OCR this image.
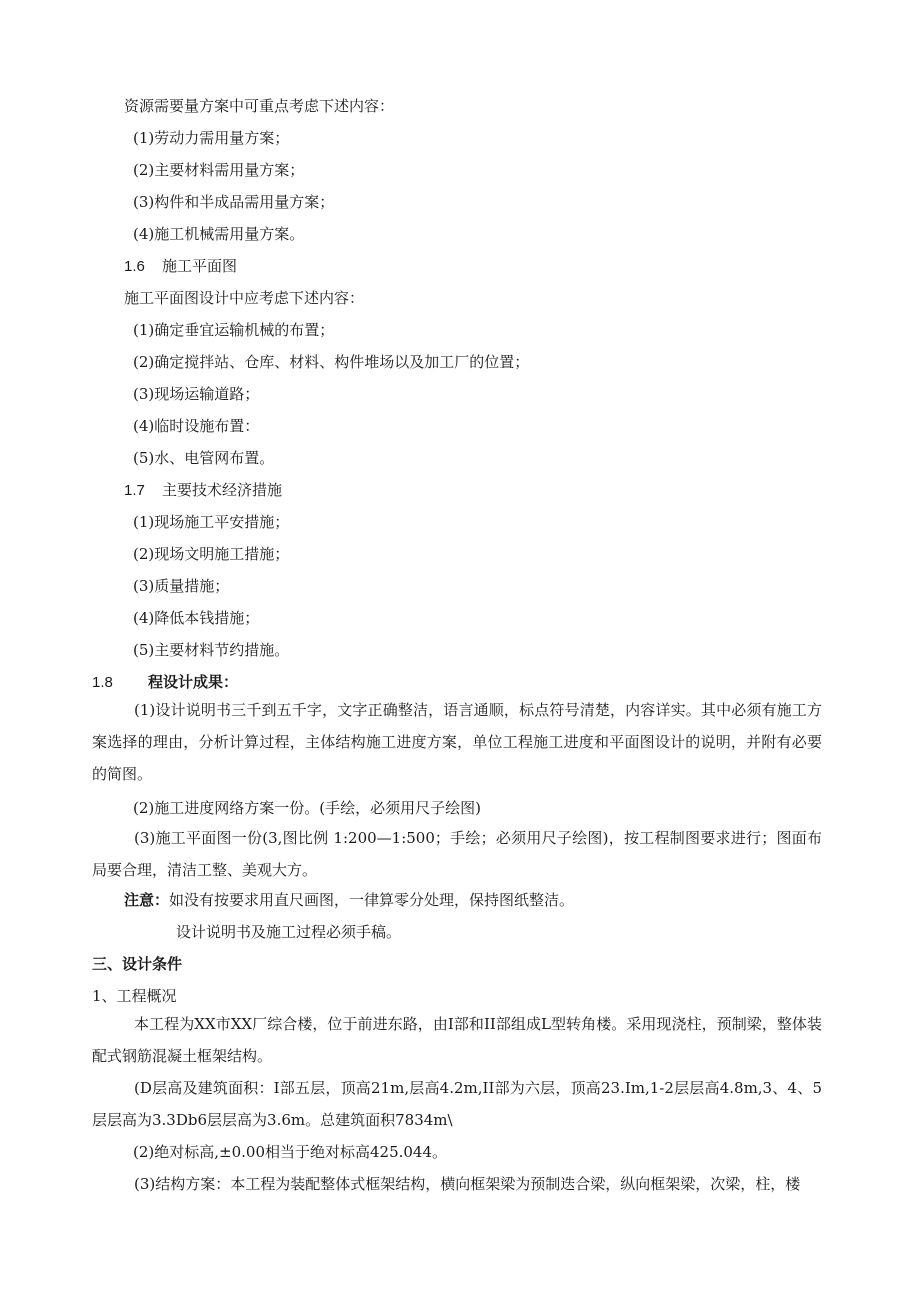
资源需要量方案中可重点考虑下述内容：
(1)劳动力需用量方案；
(2)主要材料需用量方案；
(3)构件和半成品需用量方案；
(4)施工机械需用量方案。
1.6 施工平面图
施工平面图设计中应考虑下述内容：
(1)确定垂宜运输机械的布置；
(2)确定搅拌站、仓库、材料、构件堆场以及加工厂的位置；
(3)现场运输道路；
(4)临时设施布置：
(5)水、电管网布置。
1.7 主要技术经济措施
(1)现场施工平安措施；
(2)现场文明施工措施；
(3)质量措施；
(4)降低本钱措施；
(5)主要材料节约措施。
1.8 程设计成果：
(1)设计说明书三千到五千字，文字正确整洁，语言通顺，标点符号清楚，内容详实。其中必须有施工方案选择的理由，分析计算过程，主体结构施工进度方案，单位工程施工进度和平面图设计的说明，并附有必要的简图。
(2)施工进度网络方案一份。(手绘，必须用尺子绘图)
(3)施工平面图一份(3,图比例 1:200—1:500；手绘；必须用尺子绘图)，按工程制图要求进行；图面布局要合理，清洁工整、美观大方。
注意：如没有按要求用直尺画图，一律算零分处理，保持图纸整洁。
设计说明书及施工过程必须手稿。
三、设计条件
1、工程概况
本工程为XX市XX厂综合楼，位于前进东路，由I部和II部组成L型转角楼。采用现浇柱，预制梁，整体装配式钢筋混凝土框架结构。
(D层高及建筑面积：I部五层，顶高21m,层高4.2m,II部为六层，顶高23.Im,1-2层层高4.8m,3、4、5层层高为3.3Db6层层高为3.6m。总建筑面积7834m\
(2)绝对标高,±0.00相当于绝对标高425.044。
(3)结构方案：本工程为装配整体式框架结构，横向框架梁为预制迭合梁，纵向框架梁，次梁，柱，楼
